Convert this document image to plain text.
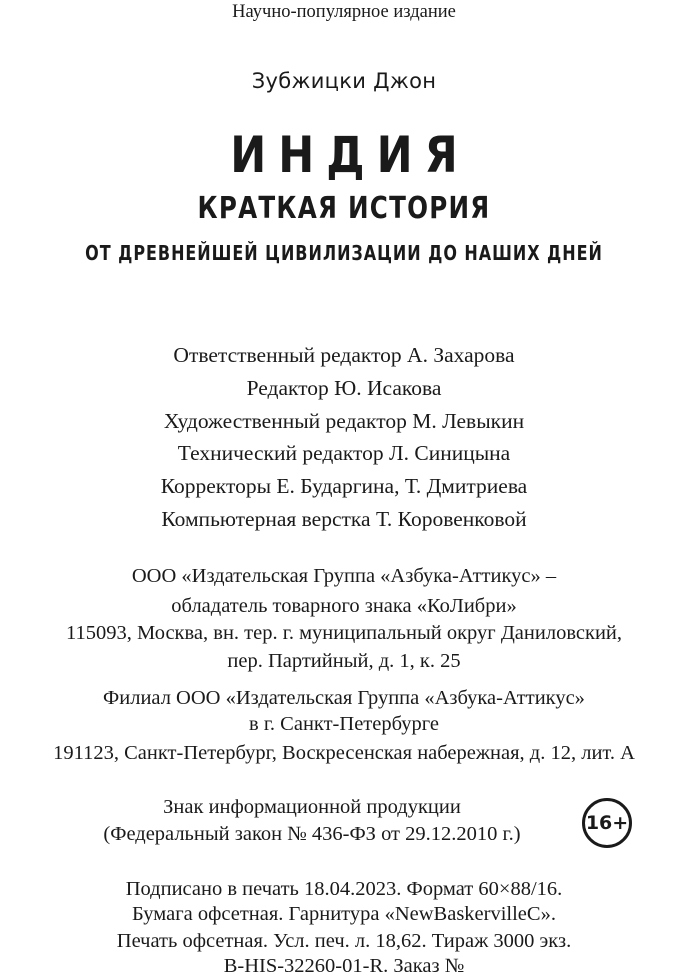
Научно-популярное издание
Зубжицки Джон
ИНДИЯ
КРАТКАЯ ИСТОРИЯ
ОТ ДРЕВНЕЙШЕЙ ЦИВИЛИЗАЦИИ ДО НАШИХ ДНЕЙ
Ответственный редактор А. Захарова
Редактор Ю. Исакова
Художественный редактор М. Левыкин
Технический редактор Л. Синицына
Корректоры Е. Бударгина, Т. Дмитриева
Компьютерная верстка Т. Коровенковой
ООО «Издательская Группа «Азбука-Аттикус» –
обладатель товарного знака «КоЛибри»
115093, Москва, вн. тер. г. муниципальный округ Даниловский,
пер. Партийный, д. 1, к. 25
Филиал ООО «Издательская Группа «Азбука-Аттикус»
в г. Санкт-Петербурге
191123, Санкт-Петербург, Воскресенская набережная, д. 12, лит. А
Знак информационной продукции
(Федеральный закон № 436-ФЗ от 29.12.2010 г.)	16+
Подписано в печать 18.04.2023. Формат 60×88/16.
Бумага офсетная. Гарнитура «NewBaskervilleC».
Печать офсетная. Усл. печ. л. 18,62. Тираж 3000 экз.
B-HIS-32260-01-R. Заказ №
